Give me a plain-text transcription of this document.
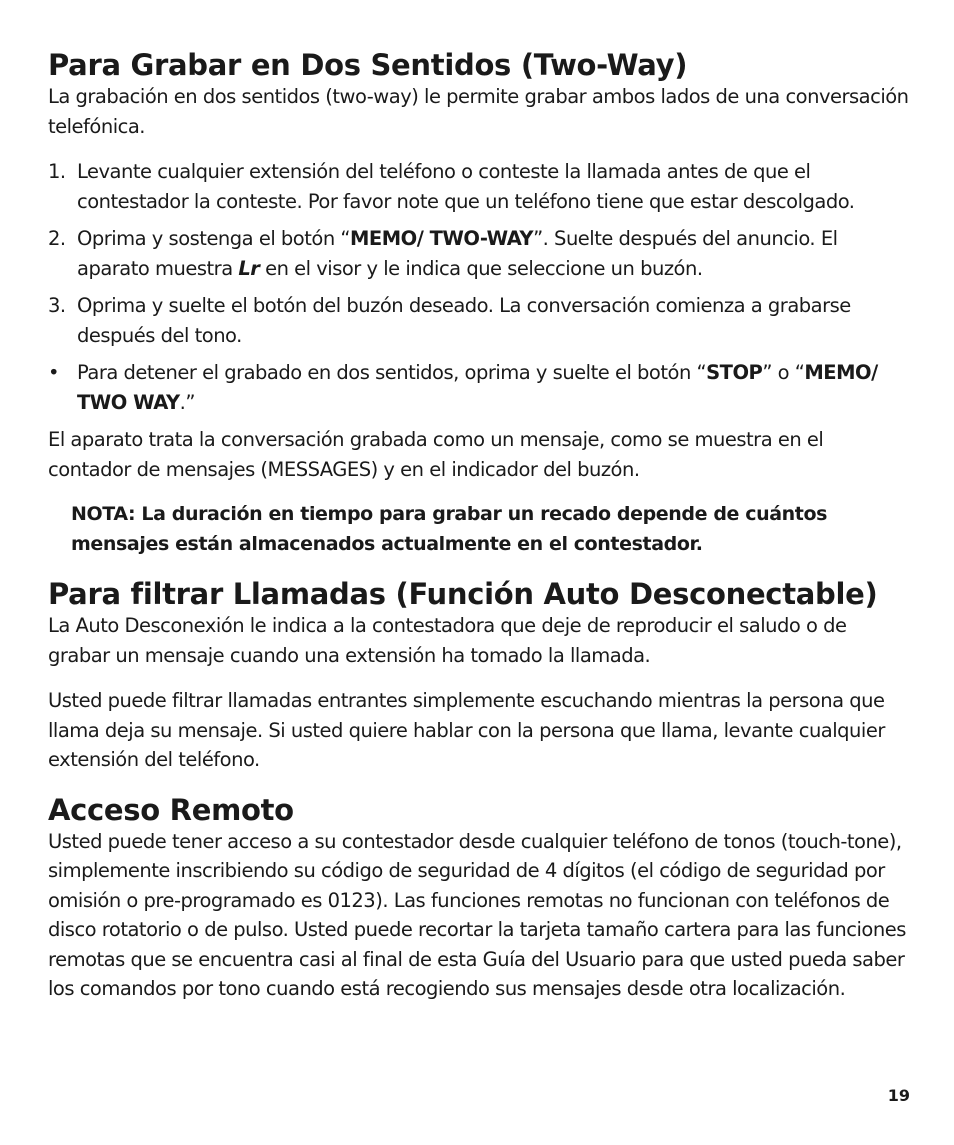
Para Grabar en Dos Sentidos (Two-Way)

La grabación en dos sentidos (two-way) le permite grabar ambos lados de una conversación telefónica.

1. Levante cualquier extensión del teléfono o conteste la llamada antes de que el contestador la conteste. Por favor note que un teléfono tiene que estar descolgado.
2. Oprima y sostenga el botón “MEMO/ TWO-WAY”. Suelte después del anuncio. El aparato muestra Lr en el visor y le indica que seleccione un buzón.
3. Oprima y suelte el botón del buzón deseado. La conversación comienza a grabarse después del tono.
• Para detener el grabado en dos sentidos, oprima y suelte el botón “STOP” o “MEMO/ TWO WAY.”

El aparato trata la conversación grabada como un mensaje, como se muestra en el contador de mensajes (MESSAGES) y en el indicador del buzón.

NOTA: La duración en tiempo para grabar un recado depende de cuántos mensajes están almacenados actualmente en el contestador.

Para filtrar Llamadas (Función Auto Desconectable)

La Auto Desconexión le indica a la contestadora que deje de reproducir el saludo o de grabar un mensaje cuando una extensión ha tomado la llamada.

Usted puede filtrar llamadas entrantes simplemente escuchando mientras la persona que llama deja su mensaje. Si usted quiere hablar con la persona que llama, levante cualquier extensión del teléfono.

Acceso Remoto

Usted puede tener acceso a su contestador desde cualquier teléfono de tonos (touch-tone), simplemente inscribiendo su código de seguridad de 4 dígitos (el código de seguridad por omisión o pre-programado es 0123). Las funciones remotas no funcionan con teléfonos de disco rotatorio o de pulso. Usted puede recortar la tarjeta tamaño cartera para las funciones remotas que se encuentra casi al final de esta Guía del Usuario para que usted pueda saber los comandos por tono cuando está recogiendo sus mensajes desde otra localización.

19
